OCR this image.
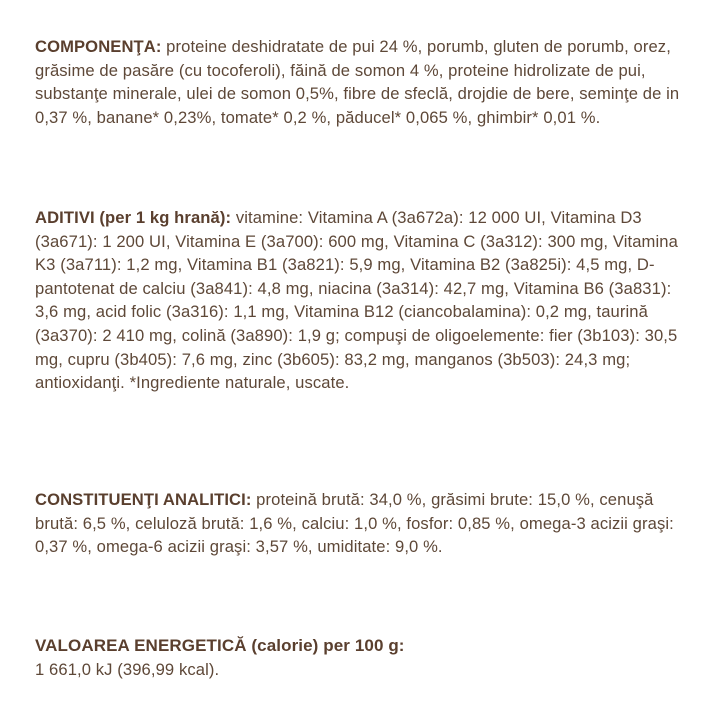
COMPONENŢA: proteine deshidratate de pui 24 %, porumb, gluten de porumb, orez, grăsime de pasăre (cu tocoferoli), făină de somon 4 %, proteine hidrolizate de pui, substanţe minerale, ulei de somon 0,5%, fibre de sfeclă, drojdie de bere, seminţe de in 0,37 %, banane* 0,23%, tomate* 0,2 %, păducel* 0,065 %, ghimbir* 0,01 %.

ADITIVI (per 1 kg hrană): vitamine: Vitamina A (3a672a): 12 000 UI, Vitamina D3 (3a671): 1 200 UI, Vitamina E (3a700): 600 mg, Vitamina C (3a312): 300 mg, Vitamina K3 (3a711): 1,2 mg, Vitamina B1 (3a821): 5,9 mg, Vitamina B2 (3a825i): 4,5 mg, D-pantotenat de calciu (3a841): 4,8 mg, niacina (3a314): 42,7 mg, Vitamina B6 (3a831): 3,6 mg, acid folic (3a316): 1,1 mg, Vitamina B12 (ciancobalamina): 0,2 mg, taurină (3a370): 2 410 mg, colină (3a890): 1,9 g; compuşi de oligoelemente: fier (3b103): 30,5 mg, cupru (3b405): 7,6 mg, zinc (3b605): 83,2 mg, manganos (3b503): 24,3 mg; antioxidanţi. *Ingrediente naturale, uscate.

CONSTITUENŢI ANALITICI: proteină brută: 34,0 %, grăsimi brute: 15,0 %, cenuşă brută: 6,5 %, celuloză brută: 1,6 %, calciu: 1,0 %, fosfor: 0,85 %, omega-3 acizii graşi: 0,37 %, omega-6 acizii graşi: 3,57 %, umiditate: 9,0 %.

VALOAREA ENERGETICĂ (calorie) per 100 g:

1 661,0 kJ (396,99 kcal).
